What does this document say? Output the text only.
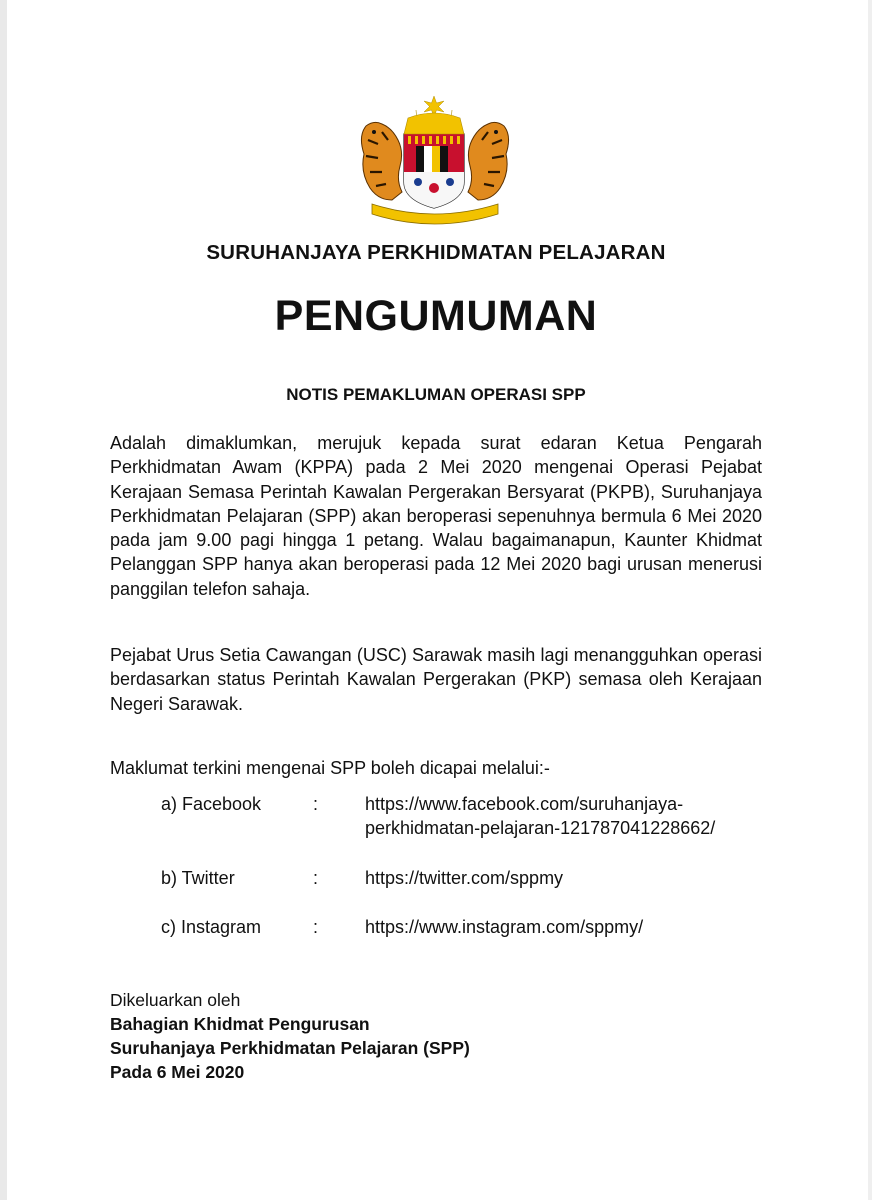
SURUHANJAYA PERKHIDMATAN PELAJARAN
PENGUMUMAN
NOTIS PEMAKLUMAN OPERASI SPP

Adalah dimaklumkan, merujuk kepada surat edaran Ketua Pengarah Perkhidmatan Awam (KPPA) pada 2 Mei 2020 mengenai Operasi Pejabat Kerajaan Semasa Perintah Kawalan Pergerakan Bersyarat (PKPB), Suruhanjaya Perkhidmatan Pelajaran (SPP) akan beroperasi sepenuhnya bermula 6 Mei 2020 pada jam 9.00 pagi hingga 1 petang. Walau bagaimanapun, Kaunter Khidmat Pelanggan SPP hanya akan beroperasi pada 12 Mei 2020 bagi urusan menerusi panggilan telefon sahaja.

Pejabat Urus Setia Cawangan (USC) Sarawak masih lagi menangguhkan operasi berdasarkan status Perintah Kawalan Pergerakan (PKP) semasa oleh Kerajaan Negeri Sarawak.

Maklumat terkini mengenai SPP boleh dicapai melalui:-

a) Facebook	:	https://www.facebook.com/suruhanjaya-perkhidmatan-pelajaran-121787041228662/
b) Twitter	:	https://twitter.com/sppmy
c) Instagram	:	https://www.instagram.com/sppmy/
Dikeluarkan oleh
Bahagian Khidmat Pengurusan
Suruhanjaya Perkhidmatan Pelajaran (SPP)
Pada 6 Mei 2020
